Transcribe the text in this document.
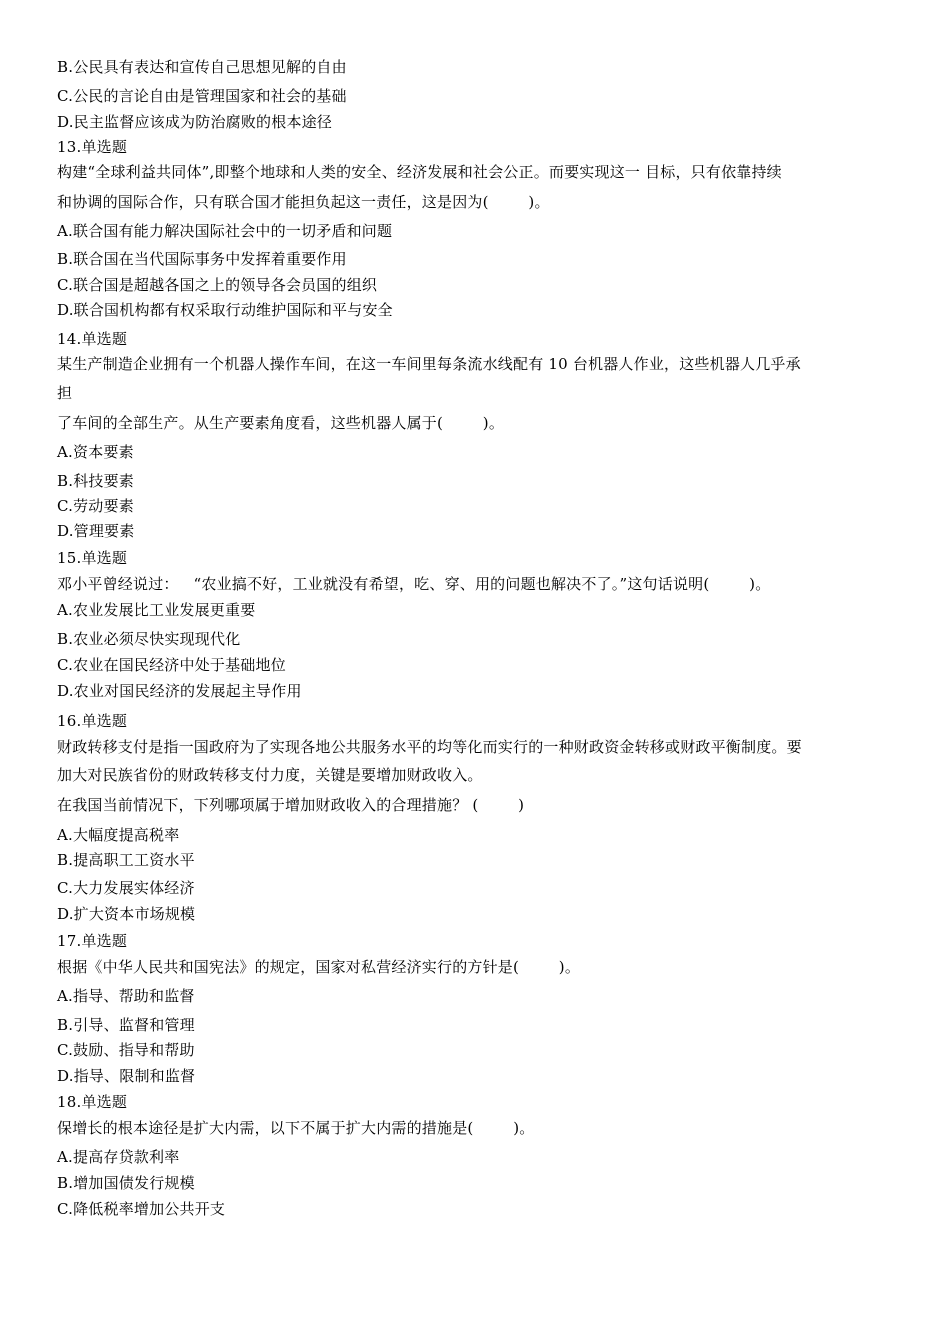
B.公民具有表达和宣传自己思想见解的自由
C.公民的言论自由是管理国家和社会的基础
D.民主监督应该成为防治腐败的根本途径
13.单选题
构建“全球利益共同体”,即整个地球和人类的安全、经济发展和社会公正。而要实现这一 目标，只有依靠持续
和协调的国际合作，只有联合国才能担负起这一责任，这是因为(        )。
A.联合国有能力解决国际社会中的一切矛盾和问题
B.联合国在当代国际事务中发挥着重要作用
C.联合国是超越各国之上的领导各会员国的组织
D.联合国机构都有权采取行动维护国际和平与安全
14.单选题
某生产制造企业拥有一个机器人操作车间，在这一车间里每条流水线配有 10 台机器人作业，这些机器人几乎承
担
了车间的全部生产。从生产要素角度看，这些机器人属于(        )。
A.资本要素
B.科技要素
C.劳动要素
D.管理要素
15.单选题
邓小平曾经说过：   “农业搞不好，工业就没有希望，吃、穿、用的问题也解决不了。”这句话说明(        )。
A.农业发展比工业发展更重要
B.农业必须尽快实现现代化
C.农业在国民经济中处于基础地位
D.农业对国民经济的发展起主导作用
16.单选题
财政转移支付是指一国政府为了实现各地公共服务水平的均等化而实行的一种财政资金转移或财政平衡制度。要
加大对民族省份的财政转移支付力度，关键是要增加财政收入。
在我国当前情况下，下列哪项属于增加财政收入的合理措施？ (        )
A.大幅度提高税率
B.提高职工工资水平
C.大力发展实体经济
D.扩大资本市场规模
17.单选题
根据《中华人民共和国宪法》的规定，国家对私营经济实行的方针是(        )。
A.指导、帮助和监督
B.引导、监督和管理
C.鼓励、指导和帮助
D.指导、限制和监督
18.单选题
保增长的根本途径是扩大内需，以下不属于扩大内需的措施是(        )。
A.提高存贷款利率
B.增加国债发行规模
C.降低税率增加公共开支
